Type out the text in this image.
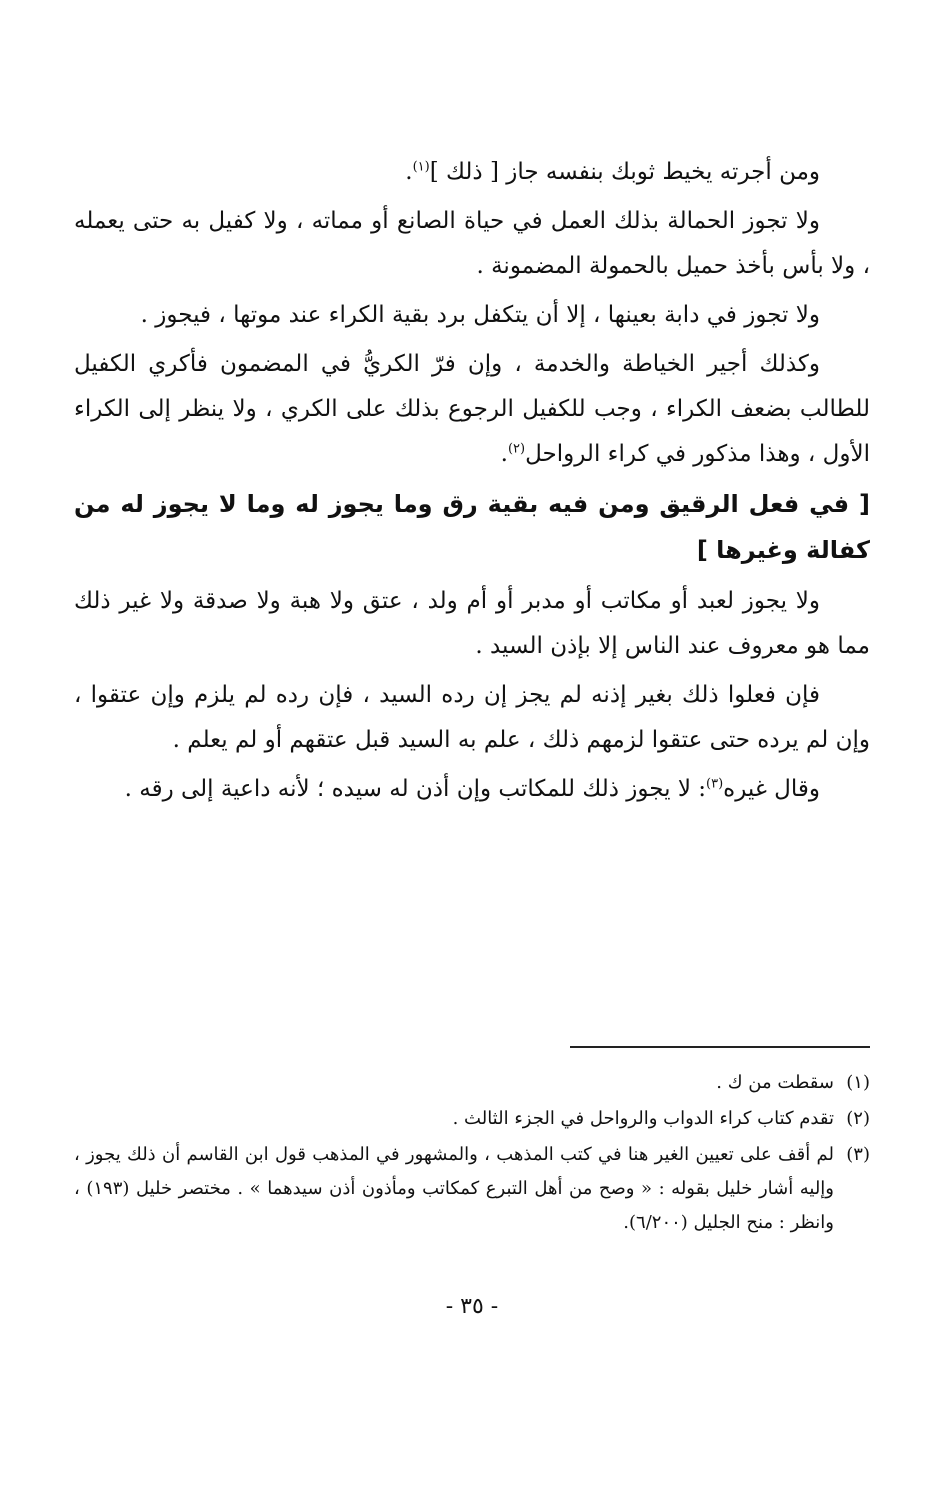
ومن أجرته يخيط ثوبك بنفسه جاز [ ذلك ]$^{(١)}$.

ولا تجوز الحمالة بذلك العمل في حياة الصانع أو مماته ، ولا كفيل به حتى يعمله ، ولا بأس بأخذ حميل بالحمولة المضمونة .

ولا تجوز في دابة بعينها ، إلا أن يتكفل برد بقية الكراء عند موتها ، فيجوز .

وكذلك أجير الخياطة والخدمة ، وإن فرّ الكريُّ في المضمون فأكري الكفيل للطالب بضعف الكراء ، وجب للكفيل الرجوع بذلك على الكري ، ولا ينظر إلى الكراء الأول ، وهذا مذكور في كراء الرواحل$^{(٢)}$.

[ في فعل الرقيق ومن فيه بقية رق وما يجوز له وما لا يجوز له من كفالة وغيرها ]

ولا يجوز لعبد أو مكاتب أو مدبر أو أم ولد ، عتق ولا هبة ولا صدقة ولا غير ذلك مما هو معروف عند الناس إلا بإذن السيد .

فإن فعلوا ذلك بغير إذنه لم يجز إن رده السيد ، فإن رده لم يلزم وإن عتقوا ، وإن لم يرده حتى عتقوا لزمهم ذلك ، علم به السيد قبل عتقهم أو لم يعلم .

وقال غيره$^{(٣)}$: لا يجوز ذلك للمكاتب وإن أذن له سيده ؛ لأنه داعية إلى رقه .

(١)
سقطت من ك .
(٢)
تقدم كتاب كراء الدواب والرواحل في الجزء الثالث .
(٣)
لم أقف على تعيين الغير هنا في كتب المذهب ، والمشهور في المذهب قول ابن القاسم أن ذلك يجوز ، وإليه أشار خليل بقوله : « وصح من أهل التبرع كمكاتب ومأذون أذن سيدهما » . مختصر خليل (١٩٣) ، وانظر : منح الجليل (٦/٢٠٠).
- ٣٥ -
